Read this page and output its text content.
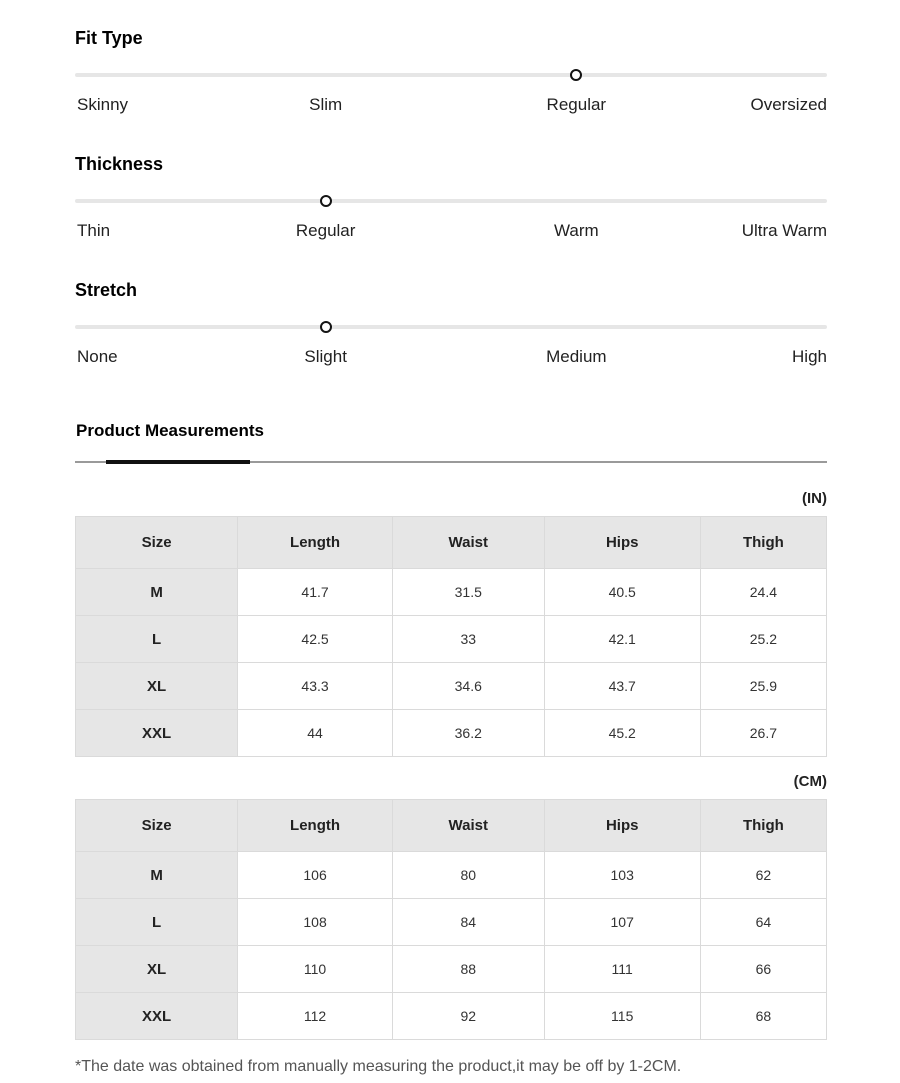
Fit Type
Skinny	Slim	Regular	Oversized
Thickness
Thin	Regular	Warm	Ultra Warm
Stretch
None	Slight	Medium	High
Product Measurements
(IN)
Size	Length	Waist	Hips	Thigh
M	41.7	31.5	40.5	24.4
L	42.5	33	42.1	25.2
XL	43.3	34.6	43.7	25.9
XXL	44	36.2	45.2	26.7
(CM)
Size	Length	Waist	Hips	Thigh
M	106	80	103	62
L	108	84	107	64
XL	110	88	111	66
XXL	112	92	115	68
*The date was obtained from manually measuring the product,it may be off by 1-2CM.
